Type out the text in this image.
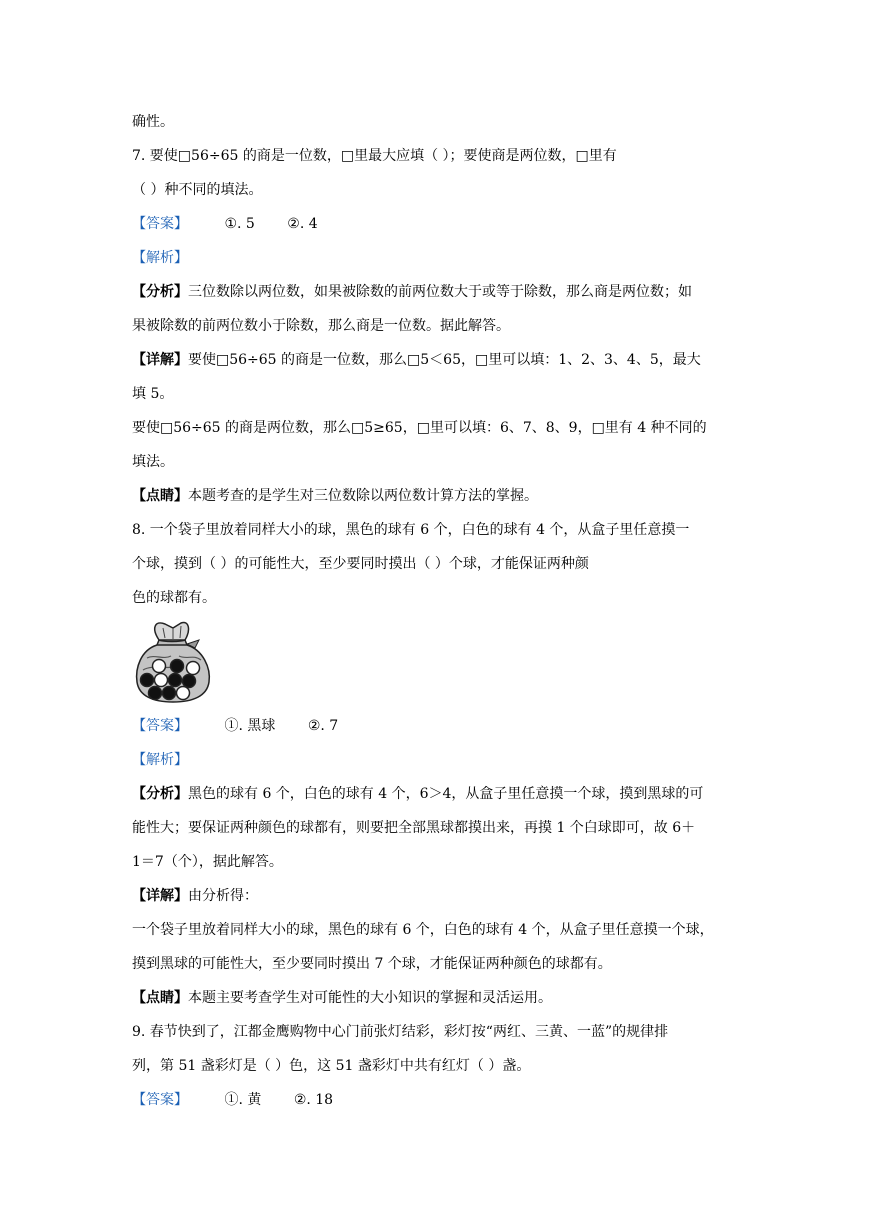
确性。
7. 要使□56÷65 的商是一位数，□里最大应填（ ）；要使商是两位数，□里有
（ ）种不同的填法。
【答案】	①. 5 ②. 4
【解析】
【分析】三位数除以两位数，如果被除数的前两位数大于或等于除数，那么商是两位数；如
果被除数的前两位数小于除数，那么商是一位数。据此解答。
【详解】要使□56÷65 的商是一位数，那么□5＜65，□里可以填：1、2、3、4、5，最大
填 5。
要使□56÷65 的商是两位数，那么□5≥65，□里可以填：6、7、8、9，□里有 4 种不同的
填法。
【点睛】本题考查的是学生对三位数除以两位数计算方法的掌握。
8. 一个袋子里放着同样大小的球，黑色的球有 6 个，白色的球有 4 个，从盒子里任意摸一
个球，摸到（ ）的可能性大，至少要同时摸出（ ）个球，才能保证两种颜
色的球都有。
【答案】	①. 黑球 ②. 7
【解析】
【分析】黑色的球有 6 个，白色的球有 4 个，6＞4，从盒子里任意摸一个球，摸到黑球的可
能性大；要保证两种颜色的球都有，则要把全部黑球都摸出来，再摸 1 个白球即可，故 6＋
1＝7（个），据此解答。
【详解】由分析得：
一个袋子里放着同样大小的球，黑色的球有 6 个，白色的球有 4 个，从盒子里任意摸一个球，
摸到黑球的可能性大，至少要同时摸出 7 个球，才能保证两种颜色的球都有。
【点睛】本题主要考查学生对可能性的大小知识的掌握和灵活运用。
9. 春节快到了，江都金鹰购物中心门前张灯结彩，彩灯按“两红、三黄、一蓝”的规律排
列，第 51 盏彩灯是（ ）色，这 51 盏彩灯中共有红灯（ ）盏。
【答案】	①. 黄 ②. 18
